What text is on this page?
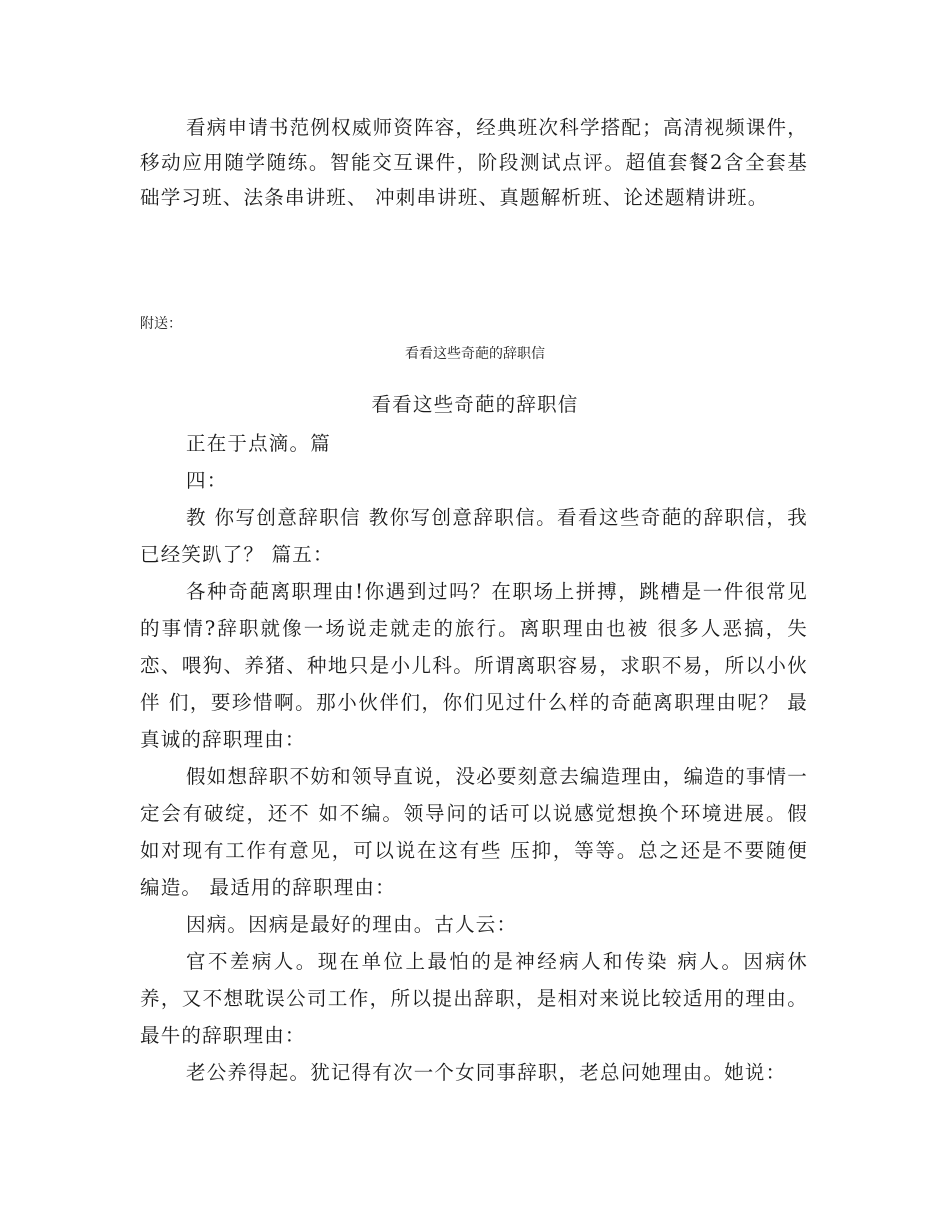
看病申请书范例权威师资阵容，经典班次科学搭配；高清视频课件，移动应用随学随练。智能交互课件，阶段测试点评。超值套餐2含全套基础学习班、法条串讲班、 冲刺串讲班、真题解析班、论述题精讲班。

附送：

看看这些奇葩的辞职信

看看这些奇葩的辞职信

正在于点滴。篇

四：

教 你写创意辞职信 教你写创意辞职信。看看这些奇葩的辞职信，我已经笑趴了？ 篇五：

各种奇葩离职理由!你遇到过吗？在职场上拼搏，跳槽是一件很常见的事情?辞职就像一场说走就走的旅行。离职理由也被 很多人恶搞，失恋、喂狗、养猪、种地只是小儿科。所谓离职容易，求职不易，所以小伙伴 们，要珍惜啊。那小伙伴们，你们见过什么样的奇葩离职理由呢？ 最真诚的辞职理由：

假如想辞职不妨和领导直说，没必要刻意去编造理由，编造的事情一定会有破绽，还不 如不编。领导问的话可以说感觉想换个环境进展。假如对现有工作有意见，可以说在这有些 压抑，等等。总之还是不要随便编造。 最适用的辞职理由：

因病。因病是最好的理由。古人云：

官不差病人。现在单位上最怕的是神经病人和传染 病人。因病休养，又不想耽误公司工作，所以提出辞职，是相对来说比较适用的理由。最牛的辞职理由：

老公养得起。犹记得有次一个女同事辞职，老总问她理由。她说：
